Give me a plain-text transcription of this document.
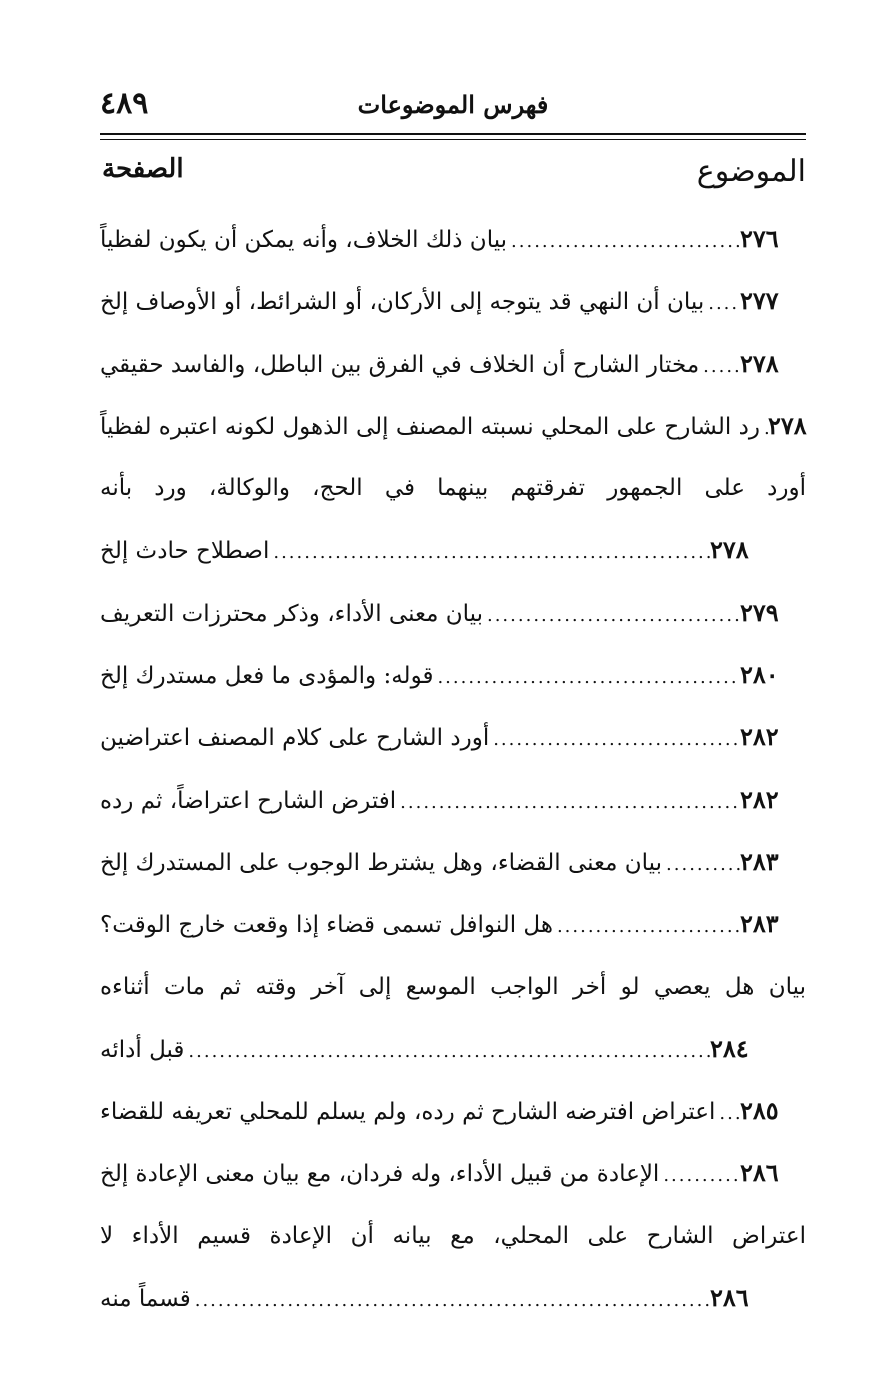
٤٨٩	فهرس الموضوعات
الموضوع
الصفحة
بيان ذلك الخلاف، وأنه يمكن أن يكون لفظياً .....	٢٧٦
بيان أن النهي قد يتوجه إلى الأركان، أو الشرائط، أو الأوصاف إلخ ..... ٢٧٧
مختار الشارح أن الخلاف في الفرق بين الباطل، والفاسد حقيقي ..... ٢٧٨
رد الشارح على المحلي نسبته المصنف إلى الذهول لكونه اعتبره لفظياً ..... ٢٧٨
أورد على الجمهور تفرقتهم بينهما في الحج، والوكالة، ورد بأنه
اصطلاح حادث إلخ .....	٢٧٨
بيان معنى الأداء، وذكر محترزات التعريف .....	٢٧٩
قوله: والمؤدى ما فعل مستدرك إلخ .....	٢٨٠
أورد الشارح على كلام المصنف اعتراضين .....	٢٨٢
افترض الشارح اعتراضاً، ثم رده .....	٢٨٢
بيان معنى القضاء، وهل يشترط الوجوب على المستدرك إلخ .....	٢٨٣
هل النوافل تسمى قضاء إذا وقعت خارج الوقت؟ .....	٢٨٣
بيان هل يعصي لو أخر الواجب الموسع إلى آخر وقته ثم مات أثناءه
قبل أدائه .....	٢٨٤
اعتراض افترضه الشارح ثم رده، ولم يسلم للمحلي تعريفه للقضاء ..... ٢٨٥
الإعادة من قبيل الأداء، وله فردان، مع بيان معنى الإعادة إلخ .....	٢٨٦
اعتراض الشارح على المحلي، مع بيانه أن الإعادة قسيم الأداء لا
قسماً منه .....	٢٨٦
